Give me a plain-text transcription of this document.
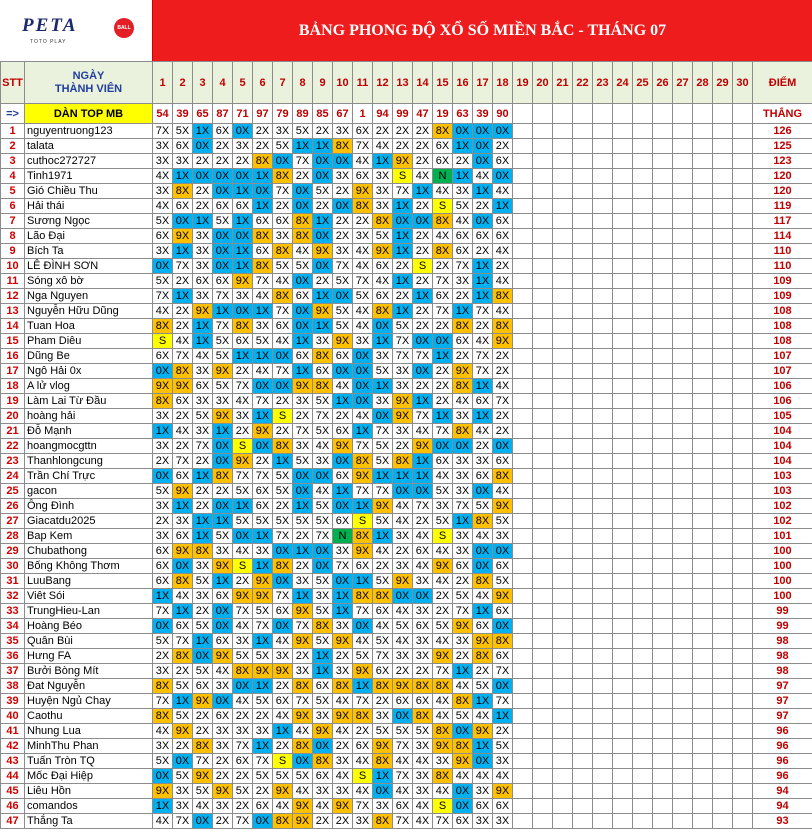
PETA
TOTO PLAY
BALL	BẢNG PHONG ĐỘ XỔ SỐ MIỀN BẮC - THÁNG 07
STT	NGÀY
THÀNH VIÊN	1	2	3	4	5	6	7	8	9	10	11	12	13	14	15	16	17	18	19	20	21	22	23	24	25	26	27	28	29	30	ĐIỂM
=>	DÀN TOP MB	54	39	65	87	71	97	79	89	85	67	1	94	99	47	19	63	39	90													THẮNG
1	nguyentruong123	7X	5X	1X	6X	0X	2X	3X	5X	2X	3X	6X	2X	2X	2X	8X	0X	0X	0X													126
2	talata	3X	6X	0X	2X	3X	2X	5X	1X	1X	8X	7X	4X	2X	2X	6X	1X	0X	2X													125
3	cuthoc272727	3X	3X	2X	2X	2X	8X	0X	7X	0X	0X	4X	1X	9X	2X	6X	2X	0X	6X													123
4	Tinh1971	4X	1X	0X	0X	0X	1X	8X	2X	0X	3X	6X	3X	S	4X	N	1X	4X	0X													120
5	Gió Chiều Thu	3X	8X	2X	0X	1X	0X	7X	0X	5X	2X	9X	3X	7X	1X	4X	3X	1X	4X													120
6	Hải thái	4X	6X	2X	6X	6X	1X	2X	0X	2X	0X	8X	3X	1X	2X	S	5X	2X	1X													119
7	Sương Ngọc	5X	0X	1X	5X	1X	6X	6X	8X	1X	2X	2X	8X	0X	0X	8X	4X	0X	6X													117
8	Lão Đại	6X	9X	3X	0X	0X	8X	3X	8X	0X	2X	3X	5X	1X	2X	4X	6X	6X	6X													114
9	Bích Ta	3X	1X	3X	0X	1X	6X	8X	4X	9X	3X	4X	9X	1X	2X	8X	6X	2X	4X													110
10	LÊ ĐÌNH SƠN	0X	7X	3X	0X	1X	8X	5X	5X	0X	7X	4X	6X	2X	S	2X	7X	1X	2X													110
11	Sóng xô bờ	5X	2X	6X	6X	9X	7X	4X	0X	2X	5X	7X	4X	1X	2X	7X	3X	1X	4X													109
12	Nga Nguyen	7X	1X	3X	7X	3X	4X	8X	6X	1X	0X	5X	6X	2X	1X	6X	2X	1X	8X													109
13	Nguyễn Hữu Dũng	4X	2X	9X	1X	0X	1X	7X	0X	9X	5X	4X	8X	1X	2X	7X	1X	7X	4X													108
14	Tuan Hoa	8X	2X	1X	7X	8X	3X	6X	0X	1X	5X	4X	0X	5X	2X	2X	8X	2X	8X													108
15	Pham Diêu	S	4X	1X	5X	6X	5X	4X	1X	3X	9X	3X	1X	7X	0X	0X	6X	4X	9X													108
16	Dũng Be	6X	7X	4X	5X	1X	1X	0X	6X	8X	6X	0X	3X	7X	7X	1X	2X	7X	2X													107
17	Ngô Hải 0x	0X	8X	3X	9X	2X	4X	7X	1X	6X	0X	0X	5X	3X	0X	2X	9X	7X	2X													107
18	A lử vlog	9X	9X	6X	5X	7X	0X	0X	9X	8X	4X	0X	1X	3X	2X	2X	8X	1X	4X													106
19	Làm Lai Từ Đầu	8X	6X	3X	3X	4X	7X	2X	3X	5X	1X	0X	3X	9X	1X	2X	4X	6X	7X													106
20	hoàng hải	3X	2X	5X	9X	3X	1X	S	2X	7X	2X	4X	0X	9X	7X	1X	3X	1X	2X													105
21	Đỗ Mạnh	1X	4X	3X	1X	2X	9X	2X	7X	5X	6X	1X	7X	3X	4X	7X	8X	4X	2X													104
22	hoangmocgttn	3X	2X	7X	0X	S	0X	8X	3X	4X	9X	7X	5X	2X	9X	0X	0X	2X	0X													104
23	Thanhlongcung	2X	7X	2X	0X	9X	2X	1X	5X	3X	0X	8X	5X	8X	1X	6X	3X	3X	6X													104
24	Trần Chí Trực	0X	6X	1X	8X	7X	7X	5X	0X	0X	6X	9X	1X	1X	1X	4X	3X	6X	8X													103
25	gacon	5X	9X	2X	2X	5X	6X	5X	0X	4X	1X	7X	7X	0X	0X	5X	3X	0X	4X													103
26	Ông Đình	3X	1X	2X	0X	1X	6X	2X	1X	5X	0X	1X	9X	4X	7X	3X	7X	5X	9X													102
27	Giacatdu2025	2X	3X	1X	1X	5X	5X	5X	5X	5X	6X	S	5X	4X	2X	5X	1X	8X	5X													102
28	Bap Kem	3X	6X	1X	5X	0X	1X	7X	2X	7X	N	8X	1X	3X	4X	S	3X	4X	3X													101
29	Chubathong	6X	9X	8X	3X	4X	3X	0X	1X	0X	3X	9X	4X	2X	6X	4X	3X	0X	0X													100
30	Bống Không Thơm	6X	0X	3X	9X	S	1X	8X	2X	0X	7X	6X	2X	3X	4X	9X	6X	0X	6X													100
31	LuuBang	6X	8X	5X	1X	2X	9X	0X	3X	5X	0X	1X	5X	9X	3X	4X	2X	8X	5X													100
32	Viêt Sói	1X	4X	3X	6X	9X	9X	7X	1X	3X	1X	8X	8X	0X	0X	2X	5X	4X	9X													100
33	TrungHieu-Lan	7X	1X	2X	0X	7X	5X	6X	9X	5X	1X	7X	6X	4X	3X	2X	7X	1X	6X													99
34	Hoàng Béo	0X	6X	5X	0X	4X	7X	0X	7X	8X	3X	0X	4X	5X	6X	5X	9X	6X	0X													99
35	Quân Bùi	5X	7X	1X	6X	3X	1X	4X	9X	5X	9X	4X	5X	4X	3X	4X	3X	9X	8X													98
36	Hưng FA	2X	8X	0X	9X	5X	5X	3X	2X	1X	2X	5X	7X	3X	3X	9X	2X	8X	6X													98
37	Bưởi Bòng Mít	3X	2X	5X	4X	8X	9X	9X	3X	1X	3X	9X	6X	2X	2X	7X	1X	2X	7X													98
38	Đat Nguyễn	8X	5X	6X	3X	0X	1X	2X	8X	6X	8X	1X	8X	9X	8X	8X	4X	5X	0X													97
39	Huyện Ngủ Chay	7X	1X	9X	0X	4X	5X	6X	7X	5X	4X	7X	2X	6X	6X	4X	8X	1X	7X													97
40	Caothu	8X	5X	2X	6X	2X	2X	4X	9X	3X	9X	8X	3X	0X	8X	4X	5X	4X	1X													97
41	Nhung Lua	4X	9X	2X	3X	3X	3X	1X	4X	9X	4X	2X	5X	5X	5X	8X	0X	9X	2X													96
42	MinhThu Phan	3X	2X	8X	3X	7X	1X	2X	8X	0X	2X	6X	9X	7X	3X	9X	8X	1X	5X													96
43	Tuấn Tròn TQ	5X	0X	7X	2X	6X	7X	S	0X	8X	3X	4X	8X	4X	4X	3X	9X	0X	3X													96
44	Mốc Đại Hiệp	0X	5X	9X	2X	2X	5X	5X	5X	6X	4X	S	1X	7X	3X	8X	4X	4X	4X													96
45	Liêu Hồn	9X	3X	5X	9X	5X	2X	9X	4X	3X	3X	4X	0X	4X	3X	4X	0X	3X	9X													94
46	comandos	1X	3X	4X	3X	2X	6X	4X	9X	4X	9X	7X	3X	6X	4X	S	0X	6X	6X													94
47	Thắng Ta	4X	7X	0X	2X	7X	0X	8X	9X	2X	2X	3X	8X	7X	4X	7X	6X	3X	3X													93
